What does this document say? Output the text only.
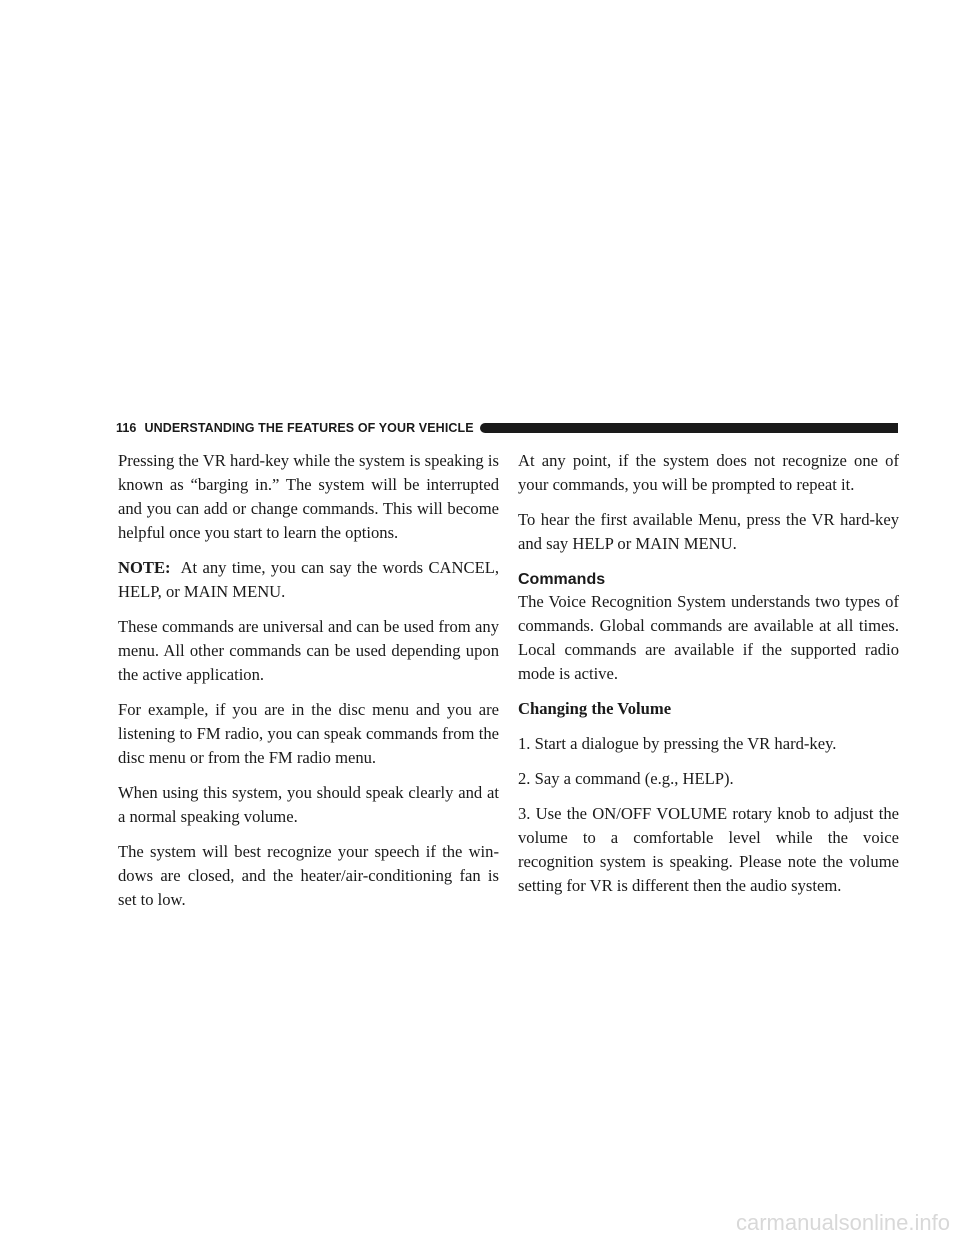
116 UNDERSTANDING THE FEATURES OF YOUR VEHICLE

Pressing the VR hard-key while the system is speaking is known as “barging in.” The system will be interrupted and you can add or change commands. This will become helpful once you start to learn the options.

NOTE: At any time, you can say the words CANCEL, HELP, or MAIN MENU.

These commands are universal and can be used from any menu. All other commands can be used depending upon the active application.

For example, if you are in the disc menu and you are listening to FM radio, you can speak commands from the disc menu or from the FM radio menu.

When using this system, you should speak clearly and at a normal speaking volume.

The system will best recognize your speech if the win-dows are closed, and the heater/air-conditioning fan is set to low.

At any point, if the system does not recognize one of your commands, you will be prompted to repeat it.

To hear the first available Menu, press the VR hard-key and say HELP or MAIN MENU.

Commands

The Voice Recognition System understands two types of commands. Global commands are available at all times. Local commands are available if the supported radio mode is active.

Changing the Volume

1. Start a dialogue by pressing the VR hard-key.

2. Say a command (e.g., HELP).

3. Use the ON/OFF VOLUME rotary knob to adjust the volume to a comfortable level while the voice recognition system is speaking. Please note the volume setting for VR is different then the audio system.

carmanualsonline.info
